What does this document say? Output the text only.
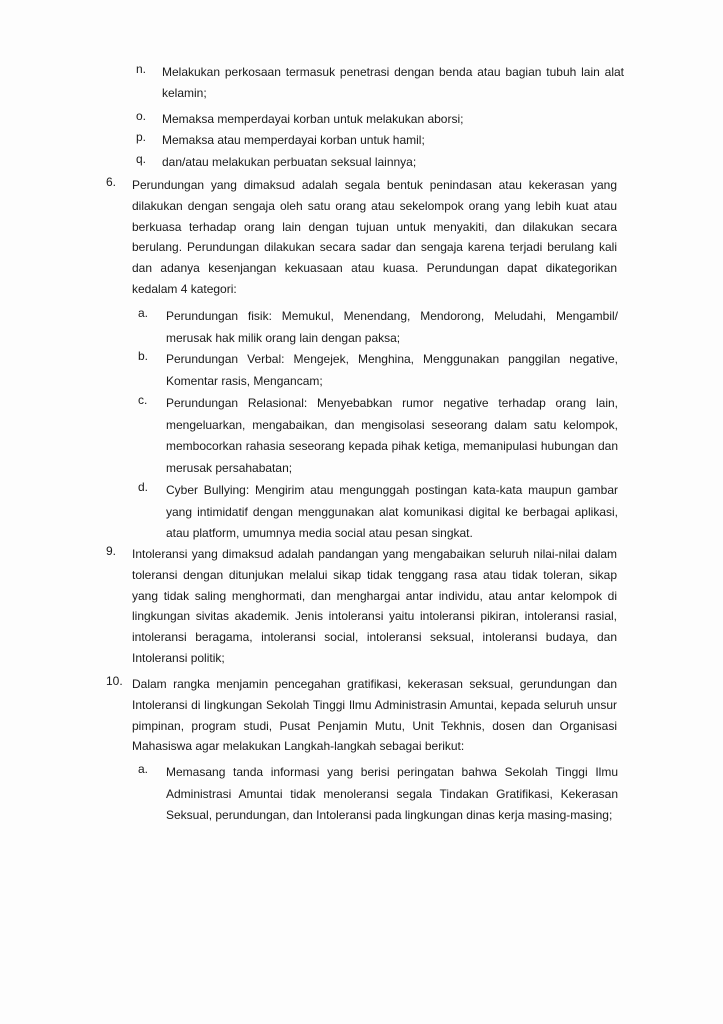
n. Melakukan perkosaan termasuk penetrasi dengan benda atau bagian tubuh lain alat kelamin;
o. Memaksa memperdayai korban untuk melakukan aborsi;
p. Memaksa atau memperdayai korban untuk hamil;
q. dan/atau melakukan perbuatan seksual lainnya;
6. Perundungan yang dimaksud adalah segala bentuk penindasan atau kekerasan yang dilakukan dengan sengaja oleh satu orang atau sekelompok orang yang lebih kuat atau berkuasa terhadap orang lain dengan tujuan untuk menyakiti, dan dilakukan secara berulang. Perundungan dilakukan secara sadar dan sengaja karena terjadi berulang kali dan adanya kesenjangan kekuasaan atau kuasa. Perundungan dapat dikategorikan kedalam 4 kategori:
a. Perundungan fisik: Memukul, Menendang, Mendorong, Meludahi, Mengambil/ merusak hak milik orang lain dengan paksa;
b. Perundungan Verbal: Mengejek, Menghina, Menggunakan panggilan negative, Komentar rasis, Mengancam;
c. Perundungan Relasional: Menyebabkan rumor negative terhadap orang lain, mengeluarkan, mengabaikan, dan mengisolasi seseorang dalam satu kelompok, membocorkan rahasia seseorang kepada pihak ketiga, memanipulasi hubungan dan merusak persahabatan;
d. Cyber Bullying: Mengirim atau mengunggah postingan kata-kata maupun gambar yang intimidatif dengan menggunakan alat komunikasi digital ke berbagai aplikasi, atau platform, umumnya media social atau pesan singkat.
9. Intoleransi yang dimaksud adalah pandangan yang mengabaikan seluruh nilai-nilai dalam toleransi dengan ditunjukan melalui sikap tidak tenggang rasa atau tidak toleran, sikap yang tidak saling menghormati, dan menghargai antar individu, atau antar kelompok di lingkungan sivitas akademik. Jenis intoleransi yaitu intoleransi pikiran, intoleransi rasial, intoleransi beragama, intoleransi social, intoleransi seksual, intoleransi budaya, dan Intoleransi politik;
10. Dalam rangka menjamin pencegahan gratifikasi, kekerasan seksual, gerundungan dan Intoleransi di lingkungan Sekolah Tinggi Ilmu Administrasin Amuntai, kepada seluruh unsur pimpinan, program studi, Pusat Penjamin Mutu, Unit Tekhnis, dosen dan Organisasi Mahasiswa agar melakukan Langkah-langkah sebagai berikut:
a. Memasang tanda informasi yang berisi peringatan bahwa Sekolah Tinggi Ilmu Administrasi Amuntai tidak menoleransi segala Tindakan Gratifikasi, Kekerasan Seksual, perundungan, dan Intoleransi pada lingkungan dinas kerja masing-masing;
